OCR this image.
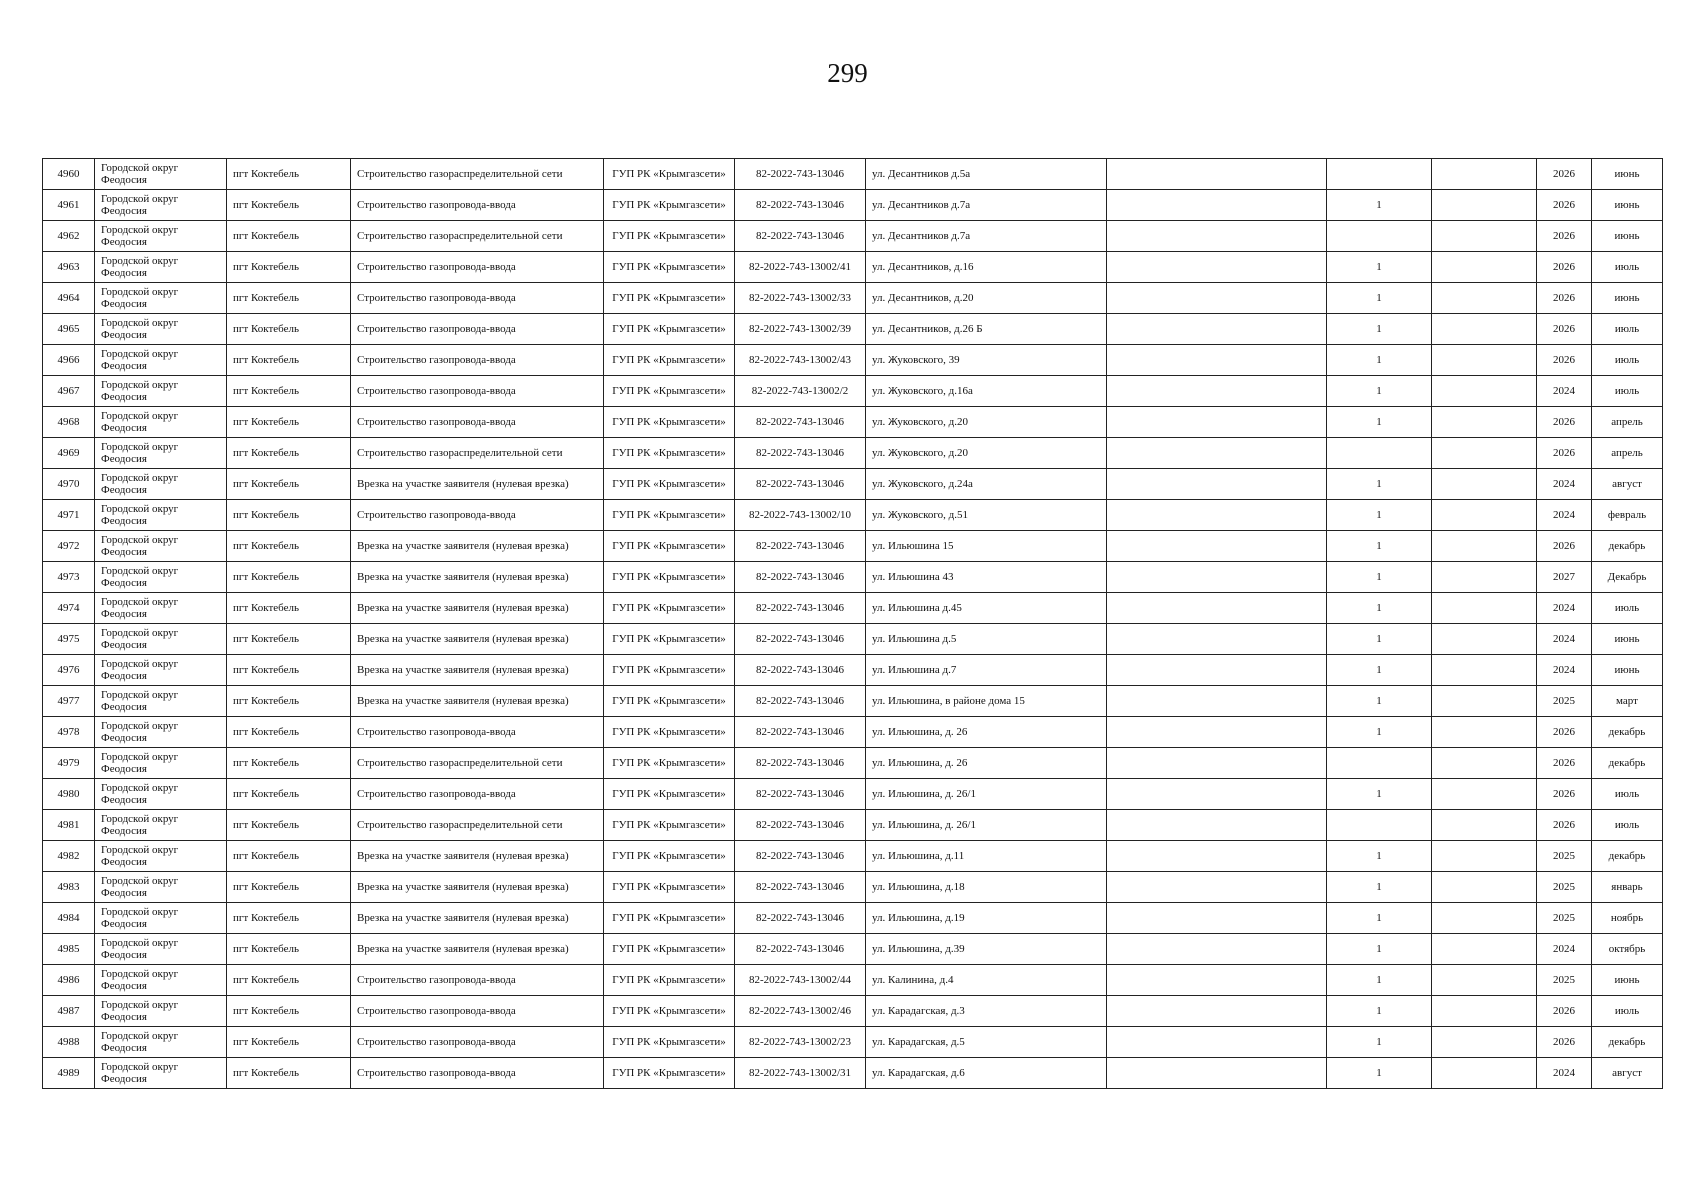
299
4960	Городской округ Феодосия	пгт Коктебель	Строительство газораспределительной сети	ГУП РК «Крымгазсети»	82-2022-743-13046	ул. Десантников д.5а				2026	июнь
4961	Городской округ Феодосия	пгт Коктебель	Строительство газопровода-ввода	ГУП РК «Крымгазсети»	82-2022-743-13046	ул. Десантников д.7а		1		2026	июнь
4962	Городской округ Феодосия	пгт Коктебель	Строительство газораспределительной сети	ГУП РК «Крымгазсети»	82-2022-743-13046	ул. Десантников д.7а				2026	июнь
4963	Городской округ Феодосия	пгт Коктебель	Строительство газопровода-ввода	ГУП РК «Крымгазсети»	82-2022-743-13002/41	ул. Десантников, д.16		1		2026	июль
4964	Городской округ Феодосия	пгт Коктебель	Строительство газопровода-ввода	ГУП РК «Крымгазсети»	82-2022-743-13002/33	ул. Десантников, д.20		1		2026	июнь
4965	Городской округ Феодосия	пгт Коктебель	Строительство газопровода-ввода	ГУП РК «Крымгазсети»	82-2022-743-13002/39	ул. Десантников, д.26 Б		1		2026	июль
4966	Городской округ Феодосия	пгт Коктебель	Строительство газопровода-ввода	ГУП РК «Крымгазсети»	82-2022-743-13002/43	ул. Жуковского, 39		1		2026	июль
4967	Городской округ Феодосия	пгт Коктебель	Строительство газопровода-ввода	ГУП РК «Крымгазсети»	82-2022-743-13002/2	ул. Жуковского, д.16а		1		2024	июль
4968	Городской округ Феодосия	пгт Коктебель	Строительство газопровода-ввода	ГУП РК «Крымгазсети»	82-2022-743-13046	ул. Жуковского, д.20		1		2026	апрель
4969	Городской округ Феодосия	пгт Коктебель	Строительство газораспределительной сети	ГУП РК «Крымгазсети»	82-2022-743-13046	ул. Жуковского, д.20				2026	апрель
4970	Городской округ Феодосия	пгт Коктебель	Врезка на участке заявителя (нулевая врезка)	ГУП РК «Крымгазсети»	82-2022-743-13046	ул. Жуковского, д.24а		1		2024	август
4971	Городской округ Феодосия	пгт Коктебель	Строительство газопровода-ввода	ГУП РК «Крымгазсети»	82-2022-743-13002/10	ул. Жуковского, д.51		1		2024	февраль
4972	Городской округ Феодосия	пгт Коктебель	Врезка на участке заявителя (нулевая врезка)	ГУП РК «Крымгазсети»	82-2022-743-13046	ул. Ильюшина 15		1		2026	декабрь
4973	Городской округ Феодосия	пгт Коктебель	Врезка на участке заявителя (нулевая врезка)	ГУП РК «Крымгазсети»	82-2022-743-13046	ул. Ильюшина 43		1		2027	Декабрь
4974	Городской округ Феодосия	пгт Коктебель	Врезка на участке заявителя (нулевая врезка)	ГУП РК «Крымгазсети»	82-2022-743-13046	ул. Ильюшина д.45		1		2024	июль
4975	Городской округ Феодосия	пгт Коктебель	Врезка на участке заявителя (нулевая врезка)	ГУП РК «Крымгазсети»	82-2022-743-13046	ул. Ильюшина д.5		1		2024	июнь
4976	Городской округ Феодосия	пгт Коктебель	Врезка на участке заявителя (нулевая врезка)	ГУП РК «Крымгазсети»	82-2022-743-13046	ул. Ильюшина д.7		1		2024	июнь
4977	Городской округ Феодосия	пгт Коктебель	Врезка на участке заявителя (нулевая врезка)	ГУП РК «Крымгазсети»	82-2022-743-13046	ул. Ильюшина, в районе дома 15		1		2025	март
4978	Городской округ Феодосия	пгт Коктебель	Строительство газопровода-ввода	ГУП РК «Крымгазсети»	82-2022-743-13046	ул. Ильюшина, д. 26		1		2026	декабрь
4979	Городской округ Феодосия	пгт Коктебель	Строительство газораспределительной сети	ГУП РК «Крымгазсети»	82-2022-743-13046	ул. Ильюшина, д. 26				2026	декабрь
4980	Городской округ Феодосия	пгт Коктебель	Строительство газопровода-ввода	ГУП РК «Крымгазсети»	82-2022-743-13046	ул. Ильюшина, д. 26/1		1		2026	июль
4981	Городской округ Феодосия	пгт Коктебель	Строительство газораспределительной сети	ГУП РК «Крымгазсети»	82-2022-743-13046	ул. Ильюшина, д. 26/1				2026	июль
4982	Городской округ Феодосия	пгт Коктебель	Врезка на участке заявителя (нулевая врезка)	ГУП РК «Крымгазсети»	82-2022-743-13046	ул. Ильюшина, д.11		1		2025	декабрь
4983	Городской округ Феодосия	пгт Коктебель	Врезка на участке заявителя (нулевая врезка)	ГУП РК «Крымгазсети»	82-2022-743-13046	ул. Ильюшина, д.18		1		2025	январь
4984	Городской округ Феодосия	пгт Коктебель	Врезка на участке заявителя (нулевая врезка)	ГУП РК «Крымгазсети»	82-2022-743-13046	ул. Ильюшина, д.19		1		2025	ноябрь
4985	Городской округ Феодосия	пгт Коктебель	Врезка на участке заявителя (нулевая врезка)	ГУП РК «Крымгазсети»	82-2022-743-13046	ул. Ильюшина, д.39		1		2024	октябрь
4986	Городской округ Феодосия	пгт Коктебель	Строительство газопровода-ввода	ГУП РК «Крымгазсети»	82-2022-743-13002/44	ул. Калинина, д.4		1		2025	июнь
4987	Городской округ Феодосия	пгт Коктебель	Строительство газопровода-ввода	ГУП РК «Крымгазсети»	82-2022-743-13002/46	ул. Карадагская, д.3		1		2026	июль
4988	Городской округ Феодосия	пгт Коктебель	Строительство газопровода-ввода	ГУП РК «Крымгазсети»	82-2022-743-13002/23	ул. Карадагская, д.5		1		2026	декабрь
4989	Городской округ Феодосия	пгт Коктебель	Строительство газопровода-ввода	ГУП РК «Крымгазсети»	82-2022-743-13002/31	ул. Карадагская, д.6		1		2024	август
